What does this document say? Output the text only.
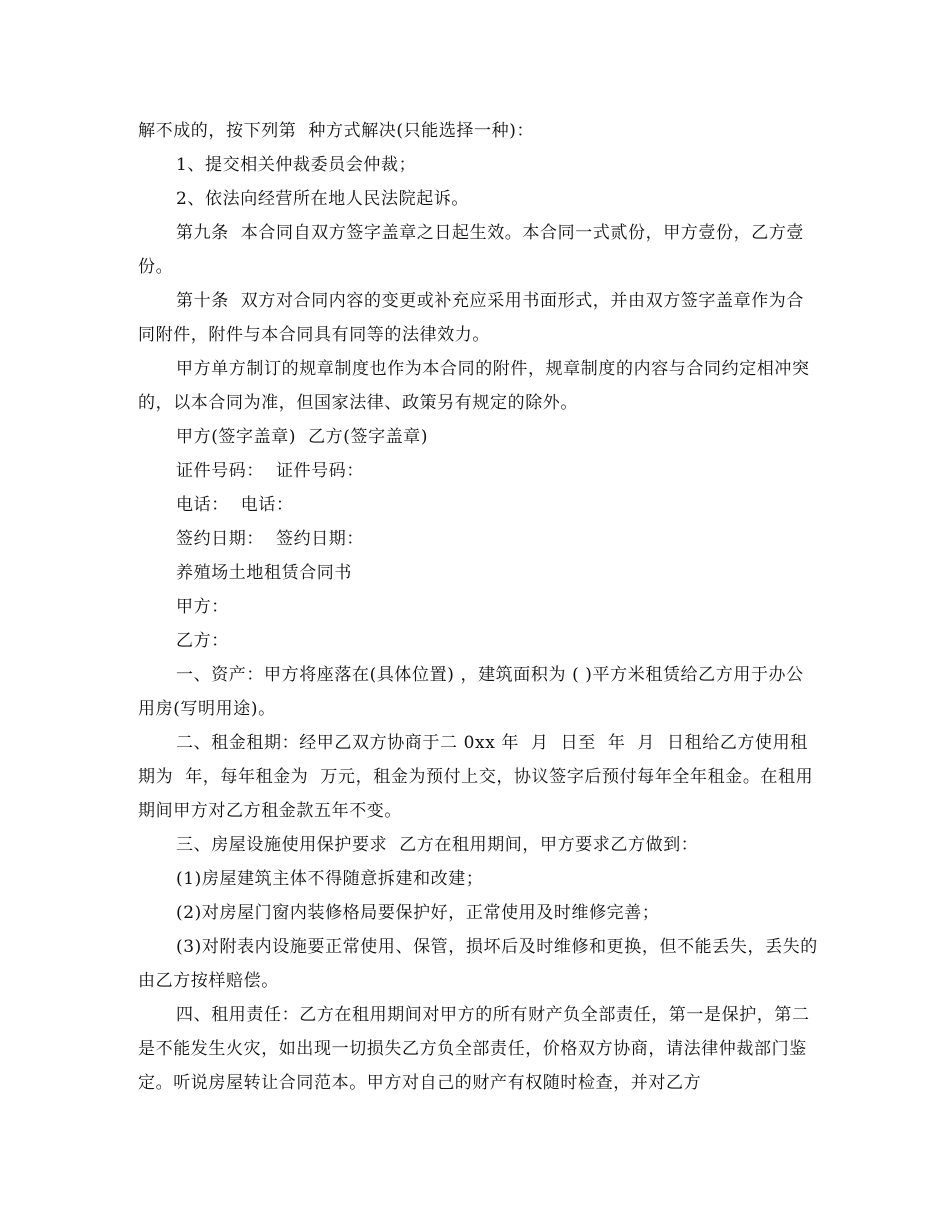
解不成的，按下列第  种方式解决(只能选择一种)：

1、提交相关仲裁委员会仲裁；

2、依法向经营所在地人民法院起诉。

第九条  本合同自双方签字盖章之日起生效。本合同一式贰份，甲方壹份，乙方壹份。

第十条  双方对合同内容的变更或补充应采用书面形式，并由双方签字盖章作为合同附件，附件与本合同具有同等的法律效力。

甲方单方制订的规章制度也作为本合同的附件，规章制度的内容与合同约定相冲突的，以本合同为准，但国家法律、政策另有规定的除外。

甲方(签字盖章)  乙方(签字盖章)

证件号码：  证件号码：

电话：  电话：

签约日期：  签约日期：

养殖场土地租赁合同书

甲方：

乙方：

一、资产：甲方将座落在(具体位置) ，建筑面积为 ( )平方米租赁给乙方用于办公用房(写明用途)。

二、租金租期：经甲乙双方协商于二 0xx 年  月  日至  年  月  日租给乙方使用租期为  年，每年租金为  万元，租金为预付上交，协议签字后预付每年全年租金。在租用期间甲方对乙方租金款五年不变。

三、房屋设施使用保护要求  乙方在租用期间，甲方要求乙方做到：

(1)房屋建筑主体不得随意拆建和改建；

(2)对房屋门窗内装修格局要保护好，正常使用及时维修完善；

(3)对附表内设施要正常使用、保管，损坏后及时维修和更换，但不能丢失，丢失的由乙方按样赔偿。

四、租用责任：乙方在租用期间对甲方的所有财产负全部责任，第一是保护，第二是不能发生火灾，如出现一切损失乙方负全部责任，价格双方协商，请法律仲裁部门鉴定。听说房屋转让合同范本。甲方对自己的财产有权随时检查，并对乙方
